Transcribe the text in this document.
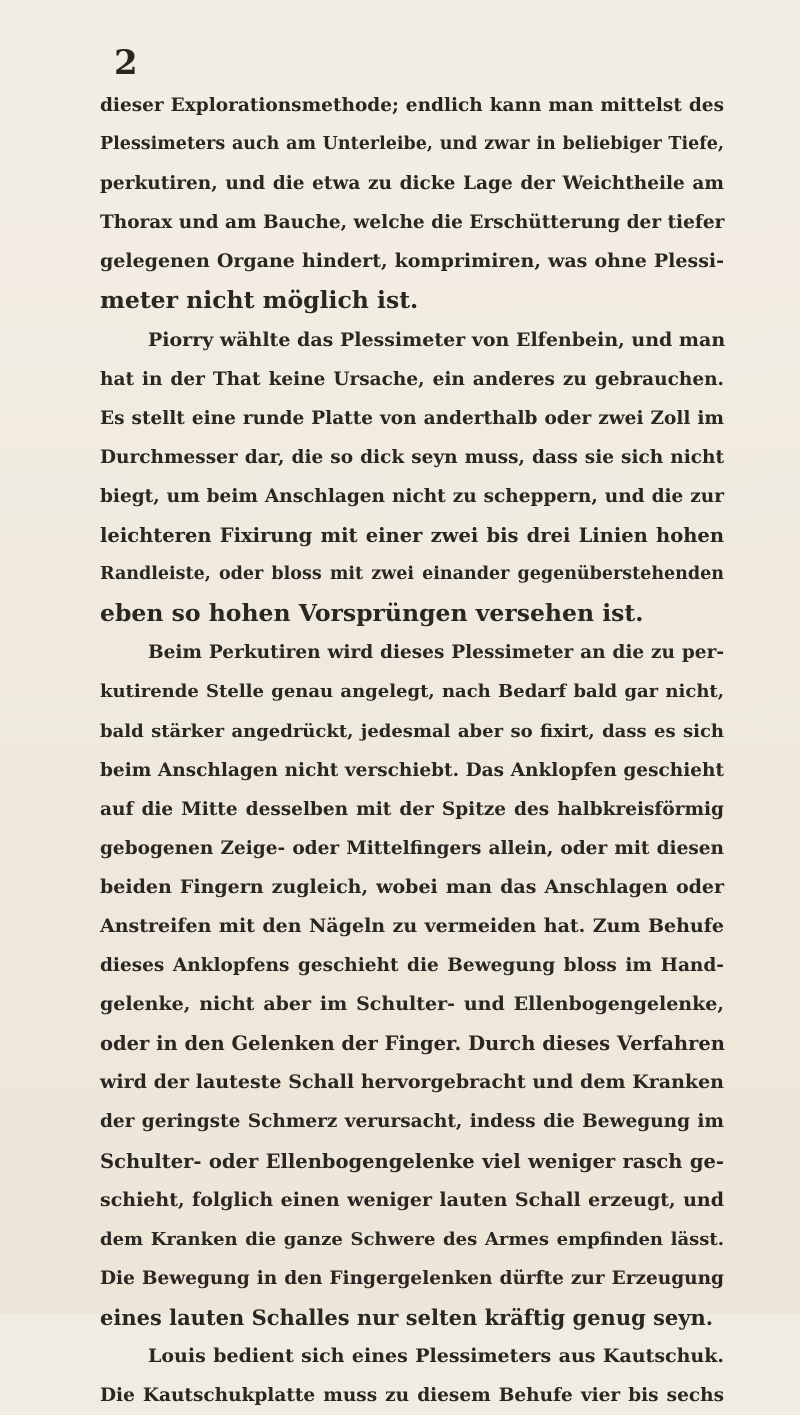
2
dieser Explorationsmethode; endlich kann man mittelst des
Plessimeters auch am Unterleibe, und zwar in beliebiger Tiefe,
perkutiren, und die etwa zu dicke Lage der Weichtheile am
Thorax und am Bauche, welche die Erschütterung der tiefer
gelegenen Organe hindert, komprimiren, was ohne Plessi-
meter nicht möglich ist.
Piorry wählte das Plessimeter von Elfenbein, und man
hat in der That keine Ursache, ein anderes zu gebrauchen.
Es stellt eine runde Platte von anderthalb oder zwei Zoll im
Durchmesser dar, die so dick seyn muss, dass sie sich nicht
biegt, um beim Anschlagen nicht zu scheppern, und die zur
leichteren Fixirung mit einer zwei bis drei Linien hohen
Randleiste, oder bloss mit zwei einander gegenüberstehenden
eben so hohen Vorsprüngen versehen ist.
Beim Perkutiren wird dieses Plessimeter an die zu per-
kutirende Stelle genau angelegt, nach Bedarf bald gar nicht,
bald stärker angedrückt, jedesmal aber so fixirt, dass es sich
beim Anschlagen nicht verschiebt. Das Anklopfen geschieht
auf die Mitte desselben mit der Spitze des halbkreisförmig
gebogenen Zeige- oder Mittelfingers allein, oder mit diesen
beiden Fingern zugleich, wobei man das Anschlagen oder
Anstreifen mit den Nägeln zu vermeiden hat. Zum Behufe
dieses Anklopfens geschieht die Bewegung bloss im Hand-
gelenke, nicht aber im Schulter- und Ellenbogengelenke,
oder in den Gelenken der Finger. Durch dieses Verfahren
wird der lauteste Schall hervorgebracht und dem Kranken
der geringste Schmerz verursacht, indess die Bewegung im
Schulter- oder Ellenbogengelenke viel weniger rasch ge-
schieht, folglich einen weniger lauten Schall erzeugt, und
dem Kranken die ganze Schwere des Armes empfinden lässt.
Die Bewegung in den Fingergelenken dürfte zur Erzeugung
eines lauten Schalles nur selten kräftig genug seyn.
Louis bedient sich eines Plessimeters aus Kautschuk.
Die Kautschukplatte muss zu diesem Behufe vier bis sechs
